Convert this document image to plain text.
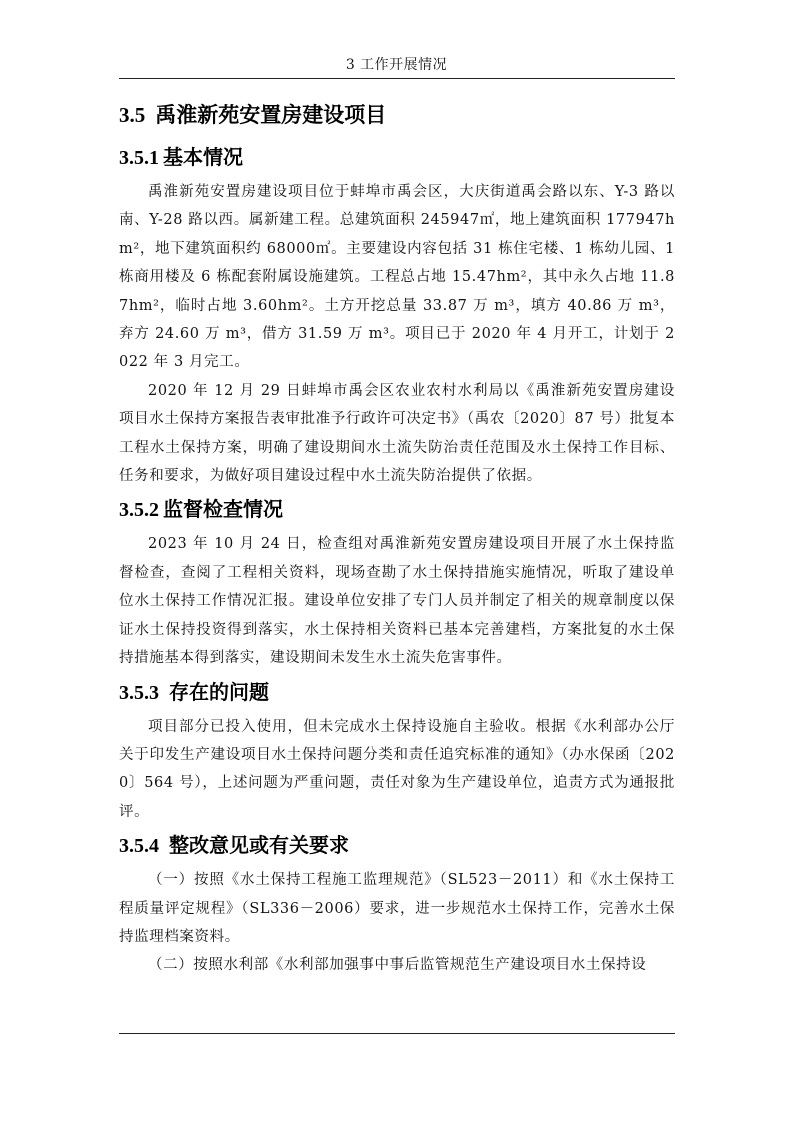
3 工作开展情况
3.5 禹淮新苑安置房建设项目
3.5.1 基本情况

禹淮新苑安置房建设项目位于蚌埠市禹会区，大庆街道禹会路以东、Y-3 路以南、Y-28 路以西。属新建工程。总建筑面积 245947㎡，地上建筑面积 177947hm²，地下建筑面积约 68000㎡。主要建设内容包括 31 栋住宅楼、1 栋幼儿园、1 栋商用楼及 6 栋配套附属设施建筑。工程总占地 15.47hm²，其中永久占地 11.87hm²，临时占地 3.60hm²。土方开挖总量 33.87 万 m³，填方 40.86 万 m³，弃方 24.60 万 m³，借方 31.59 万 m³。项目已于 2020 年 4 月开工，计划于 2022 年 3 月完工。

2020 年 12 月 29 日蚌埠市禹会区农业农村水利局以《禹淮新苑安置房建设项目水土保持方案报告表审批准予行政许可决定书》（禹农〔2020〕87 号）批复本工程水土保持方案，明确了建设期间水土流失防治责任范围及水土保持工作目标、任务和要求，为做好项目建设过程中水土流失防治提供了依据。

3.5.2 监督检查情况

2023 年 10 月 24 日，检查组对禹淮新苑安置房建设项目开展了水土保持监督检查，查阅了工程相关资料，现场查勘了水土保持措施实施情况，听取了建设单位水土保持工作情况汇报。建设单位安排了专门人员并制定了相关的规章制度以保证水土保持投资得到落实，水土保持相关资料已基本完善建档，方案批复的水土保持措施基本得到落实，建设期间未发生水土流失危害事件。

3.5.3 存在的问题

项目部分已投入使用，但未完成水土保持设施自主验收。根据《水利部办公厅关于印发生产建设项目水土保持问题分类和责任追究标准的通知》（办水保函〔2020〕564 号），上述问题为严重问题，责任对象为生产建设单位，追责方式为通报批评。

3.5.4 整改意见或有关要求

（一）按照《水土保持工程施工监理规范》（SL523－2011）和《水土保持工程质量评定规程》（SL336－2006）要求，进一步规范水土保持工作，完善水土保持监理档案资料。

（二）按照水利部《水利部加强事中事后监管规范生产建设项目水土保持设
